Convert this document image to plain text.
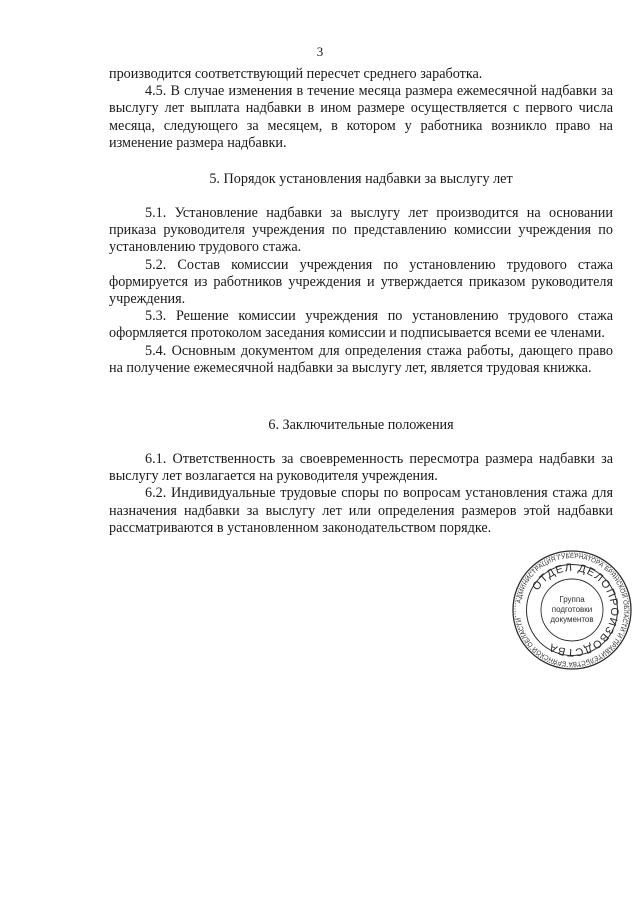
3

производится соответствующий пересчет среднего заработка.

4.5. В случае изменения в течение месяца размера ежемесячной надбавки за выслугу лет выплата надбавки в ином размере осуществляется с первого числа месяца, следующего за месяцем, в котором у работника возникло право на изменение размера надбавки.

5. Порядок установления надбавки за выслугу лет

5.1. Установление надбавки за выслугу лет производится на основании приказа руководителя учреждения по представлению комиссии учреждения по установлению трудового стажа.

5.2. Состав комиссии учреждения по установлению трудового стажа формируется из работников учреждения и утверждается приказом руководителя учреждения.

5.3. Решение комиссии учреждения по установлению трудового стажа оформляется протоколом заседания комиссии и подписывается всеми ее членами.

5.4. Основным документом для определения стажа работы, дающего право на получение ежемесячной надбавки за выслугу лет, является трудовая книжка.

6. Заключительные положения

6.1. Ответственность за своевременность пересмотра размера надбавки за выслугу лет возлагается на руководителя учреждения.

6.2. Индивидуальные трудовые споры по вопросам установления стажа для назначения надбавки за выслугу лет или определения размеров этой надбавки рассматриваются в установленном законодательством порядке.

АДМИНИСТРАЦИЯ ГУБЕРНАТОРА БРЯНСКОЙ ОБЛАСТИ И ПРАВИТЕЛЬСТВА БРЯНСКОЙ ОБЛАСТИ
ОТДЕЛ ДЕЛОПРОИЗВОДСТВА
Группа
подготовки
документов
